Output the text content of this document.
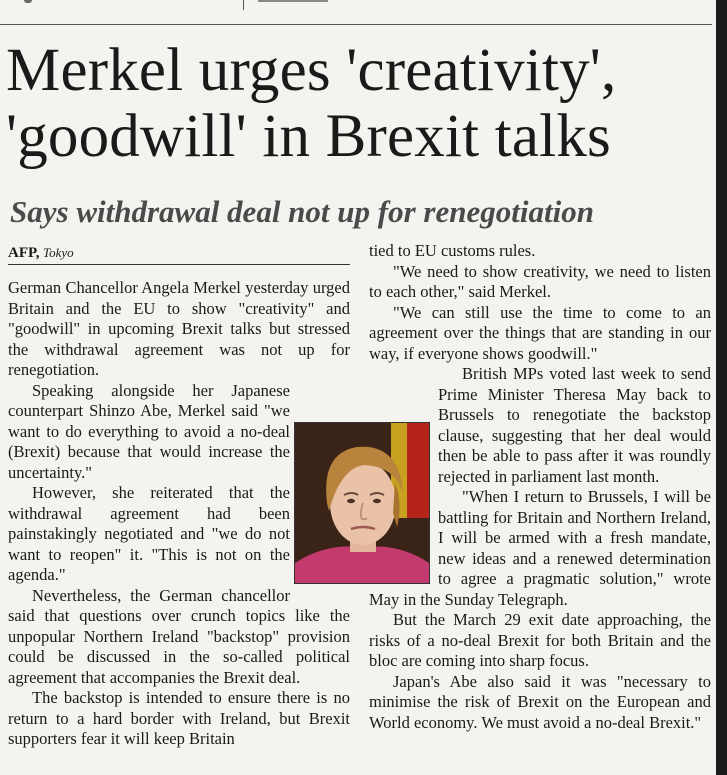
Merkel urges 'creativity',
'goodwill' in Brexit talks
Says withdrawal deal not up for renegotiation
AFP, Tokyo

German Chancellor Angela Merkel yesterday urged Britain and the EU to show "creativity" and "goodwill" in upcoming Brexit talks but stressed the withdrawal agreement was not up for renegotiation.

Speaking alongside her Japanese counterpart Shinzo Abe, Merkel said "we want to do everything to avoid a no-deal (Brexit) because that would increase the uncertainty."

However, she reiterated that the withdrawal agreement had been painstakingly negotiated and "we do not want to reopen" it. "This is not on the agenda."

Nevertheless, the German chancellor said that questions over crunch topics like the unpopular Northern Ireland "backstop" provision could be discussed in the so-called political agreement that accompanies the Brexit deal.

The backstop is intended to ensure there is no return to a hard border with Ireland, but Brexit supporters fear it will keep Britain

tied to EU customs rules.

"We need to show creativity, we need to listen to each other," said Merkel.

"We can still use the time to come to an agreement over the things that are standing in our way, if everyone shows goodwill."

British MPs voted last week to send Prime Minister Theresa May back to Brussels to renegotiate the backstop clause, suggesting that her deal would then be able to pass after it was roundly rejected in parliament last month.

"When I return to Brussels, I will be battling for Britain and Northern Ireland, I will be armed with a fresh mandate, new ideas and a renewed determination to agree a pragmatic solution," wrote May in the Sunday Telegraph.

But the March 29 exit date approaching, the risks of a no-deal Brexit for both Britain and the bloc are coming into sharp focus.

Japan's Abe also said it was "necessary to minimise the risk of Brexit on the European and World economy. We must avoid a no-deal Brexit."
